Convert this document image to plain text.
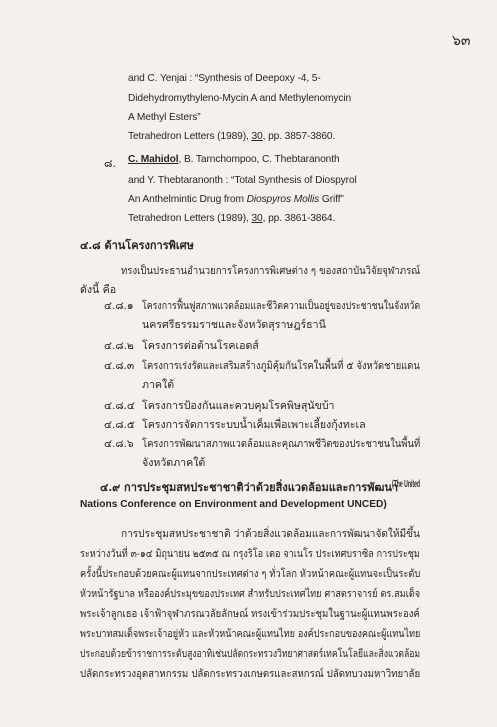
๖๓
and C. Yenjai : “Synthesis of Deepoxy -4, 5-
Didehydromythyleno-Mycin A and Methylenomycin
A Methyl Esters”
Tetrahedron Letters (1989), 30, pp. 3857-3860.
๘. C. Mahidol, B. Tarnchompoo, C. Thebtaranonth
and Y. Thebtaranonth : “Total Synthesis of Diospyrol
An Anthelmintic Drug from Diospyros Mollis Griff”
Tetrahedron Letters (1989), 30, pp. 3861-3864.
๔.๘ ด้านโครงการพิเศษ
ทรงเป็นประธานอำนวยการโครงการพิเศษต่าง ๆ ของสถาบันวิจัยจุฬาภรณ์
ดังนี้ คือ
๔.๘.๑ โครงการฟื้นฟูสภาพแวดล้อมและชีวิตความเป็นอยู่ของประชาชนในจังหวัด
นครศรีธรรมราชและจังหวัดสุราษฎร์ธานี
๔.๘.๒ โครงการต่อต้านโรคเอดส์
๔.๘.๓ โครงการเร่งรัดและเสริมสร้างภูมิคุ้มกันโรคในพื้นที่ ๕ จังหวัดชายแดน
ภาคใต้
๔.๘.๔ โครงการป้องกันและควบคุมโรคพิษสุนัขบ้า
๔.๘.๕ โครงการจัดการระบบน้ำเค็มเพื่อเพาะเลี้ยงกุ้งทะเล
๔.๘.๖ โครงการพัฒนาสภาพแวดล้อมและคุณภาพชีวิตของประชาชนในพื้นที่
จังหวัดภาคใต้
๔.๙ การประชุมสหประชาชาติว่าด้วยสิ่งแวดล้อมและการพัฒนา
(The United
Nations Conference on Environment and Development UNCED)
การประชุมสหประชาชาติ ว่าด้วยสิ่งแวดล้อมและการพัฒนาจัดให้มีขึ้น
ระหว่างวันที่ ๓-๑๔ มิถุนายน ๒๕๓๕ ณ กรุงริโอ เดอ จาเนโร ประเทศบราซิล การประชุม
ครั้งนี้ประกอบด้วยคณะผู้แทนจากประเทศต่าง ๆ ทั่วโลก หัวหน้าคณะผู้แทนจะเป็นระดับ
หัวหน้ารัฐบาล หรือองค์ประมุขของประเทศ สำหรับประเทศไทย ศาสตราจารย์ ดร.สมเด็จ
พระเจ้าลูกเธอ เจ้าฟ้าจุฬาภรณวลัยลักษณ์ ทรงเข้าร่วมประชุมในฐานะผู้แทนพระองค์
พระบาทสมเด็จพระเจ้าอยู่หัว และหัวหน้าคณะผู้แทนไทย องค์ประกอบของคณะผู้แทนไทย
ประกอบด้วยข้าราชการระดับสูงอาทิเช่นปลัดกระทรวงวิทยาศาสตร์เทคโนโลยีและสิ่งแวดล้อม
ปลัดกระทรวงอุตสาหกรรม ปลัดกระทรวงเกษตรและสหกรณ์ ปลัดทบวงมหาวิทยาลัย
